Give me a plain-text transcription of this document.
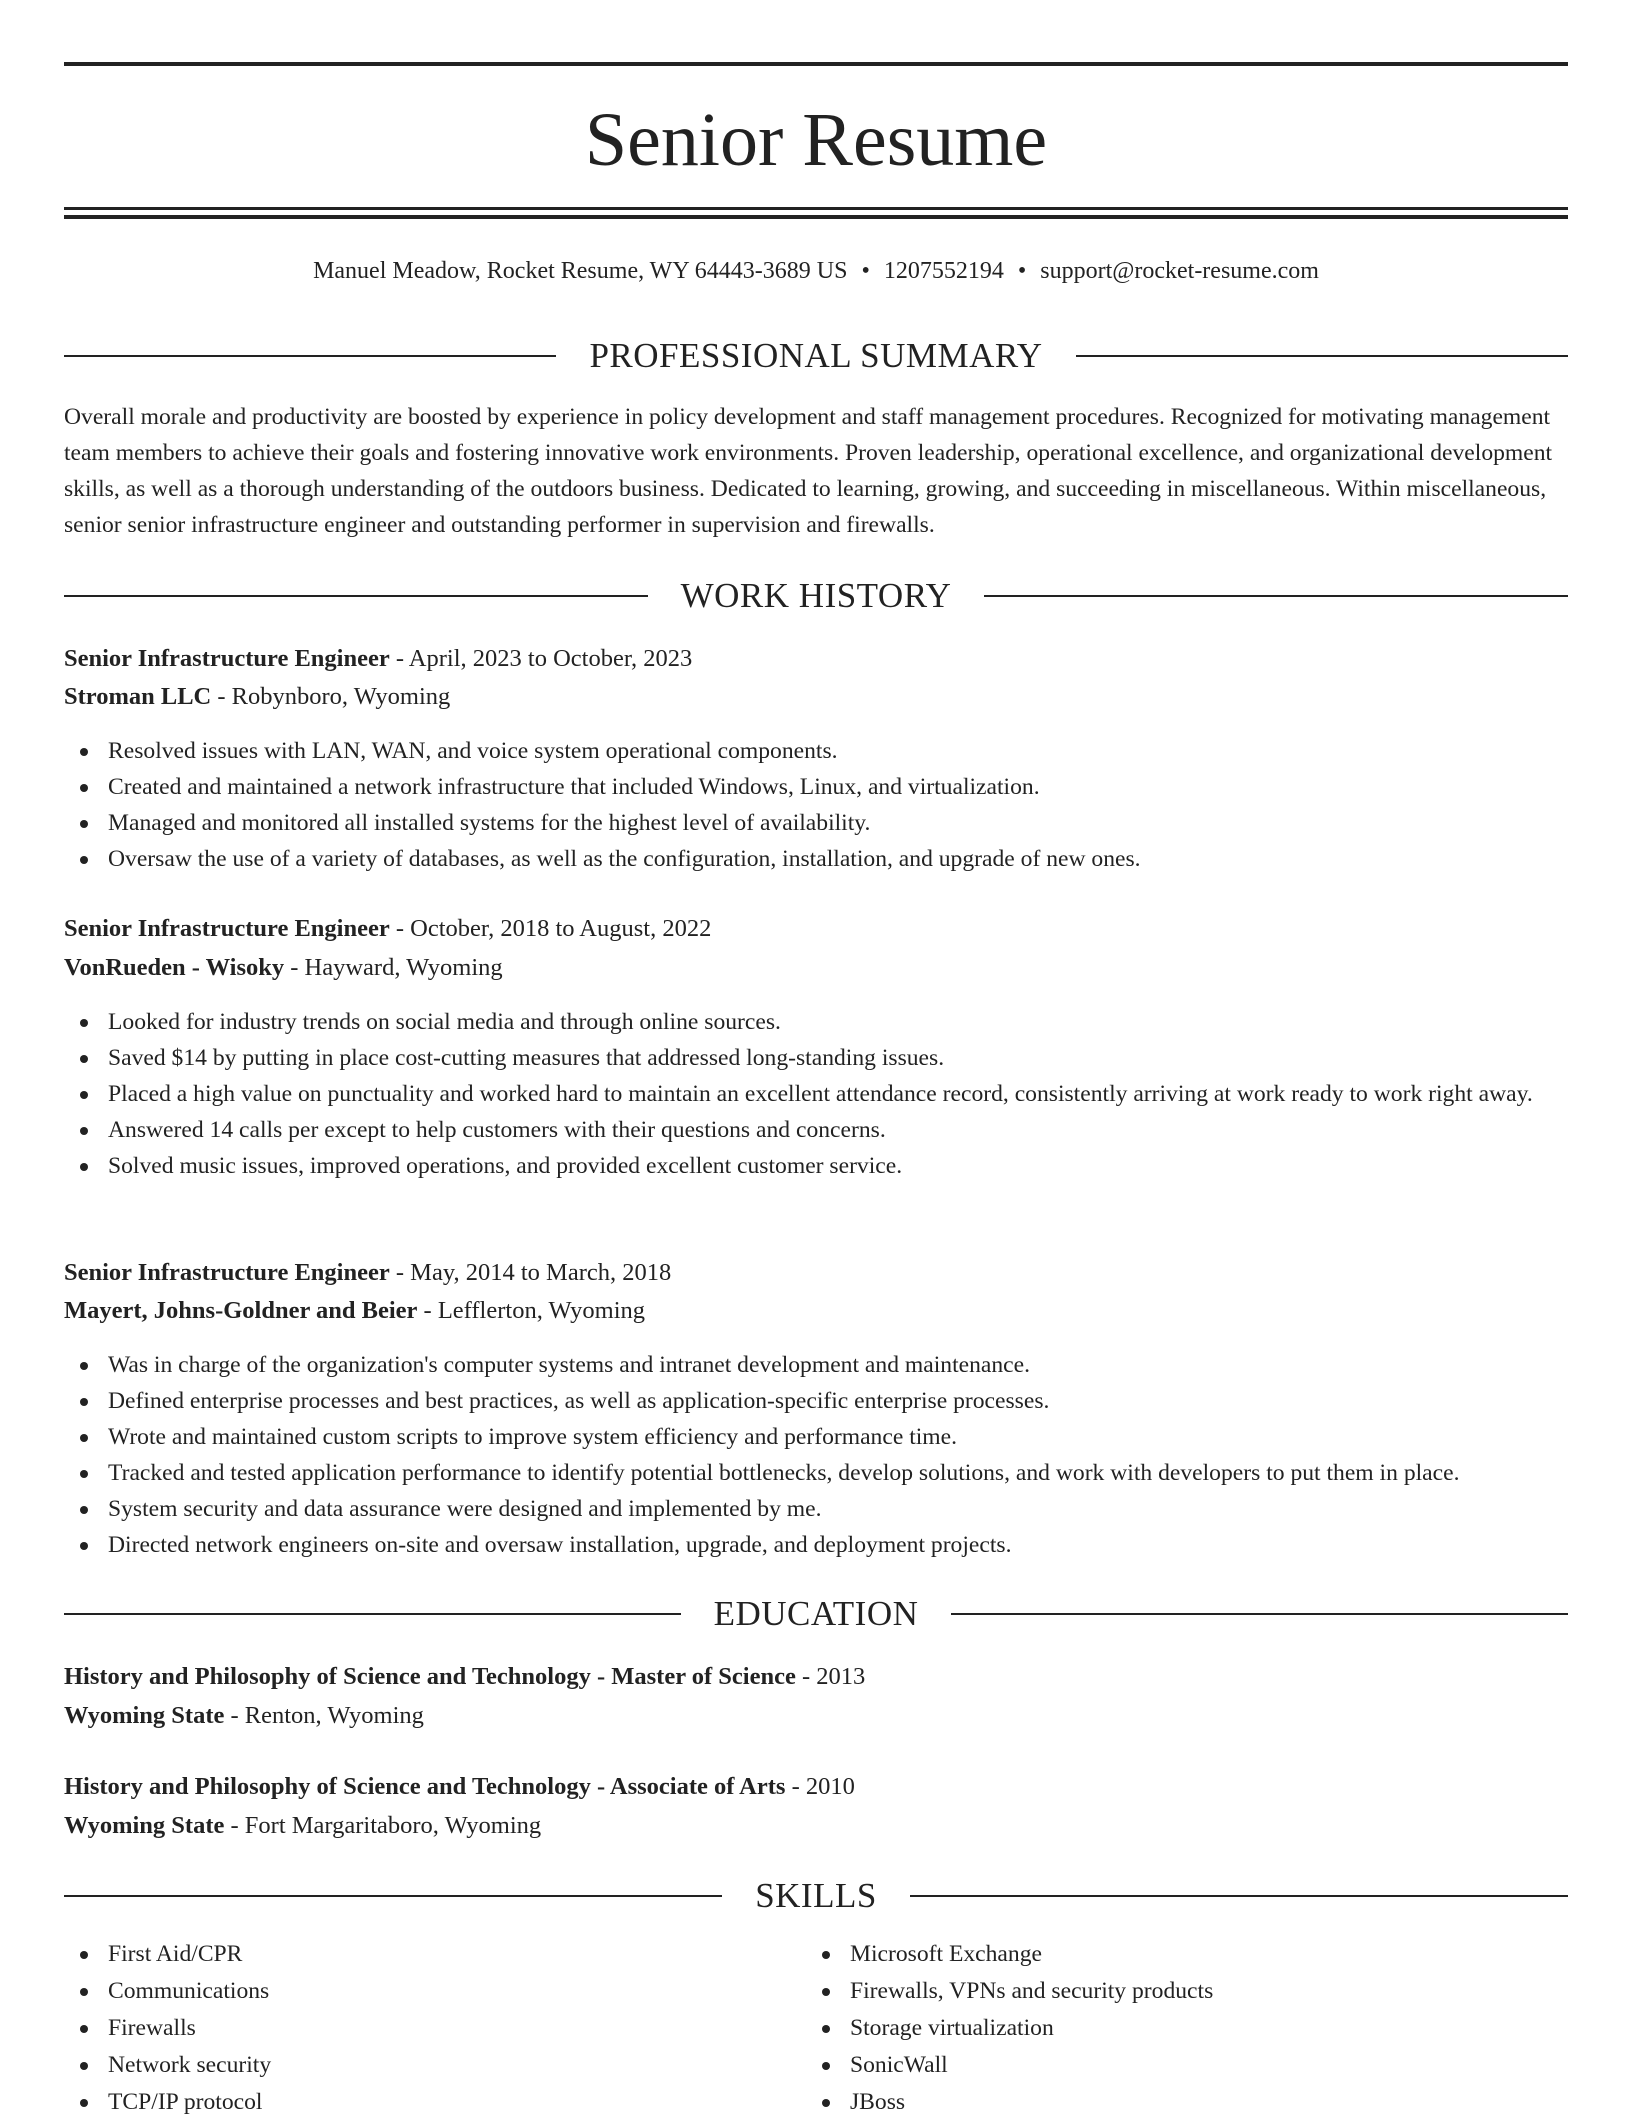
Senior Resume
Manuel Meadow, Rocket Resume, WY 64443-3689 US • 1207552194 • support@rocket-resume.com
PROFESSIONAL SUMMARY

Overall morale and productivity are boosted by experience in policy development and staff management procedures. Recognized for motivating management team members to achieve their goals and fostering innovative work environments. Proven leadership, operational excellence, and organizational development skills, as well as a thorough understanding of the outdoors business. Dedicated to learning, growing, and succeeding in miscellaneous. Within miscellaneous, senior senior infrastructure engineer and outstanding performer in supervision and firewalls.

WORK HISTORY
Senior Infrastructure Engineer - April, 2023 to October, 2023
Stroman LLC - Robynboro, Wyoming
Resolved issues with LAN, WAN, and voice system operational components.
Created and maintained a network infrastructure that included Windows, Linux, and virtualization.
Managed and monitored all installed systems for the highest level of availability.
Oversaw the use of a variety of databases, as well as the configuration, installation, and upgrade of new ones.
Senior Infrastructure Engineer - October, 2018 to August, 2022
VonRueden - Wisoky - Hayward, Wyoming
Looked for industry trends on social media and through online sources.
Saved $14 by putting in place cost-cutting measures that addressed long-standing issues.
Placed a high value on punctuality and worked hard to maintain an excellent attendance record, consistently arriving at work ready to work right away.
Answered 14 calls per except to help customers with their questions and concerns.
Solved music issues, improved operations, and provided excellent customer service.
Senior Infrastructure Engineer - May, 2014 to March, 2018
Mayert, Johns-Goldner and Beier - Lefflerton, Wyoming
Was in charge of the organization's computer systems and intranet development and maintenance.
Defined enterprise processes and best practices, as well as application-specific enterprise processes.
Wrote and maintained custom scripts to improve system efficiency and performance time.
Tracked and tested application performance to identify potential bottlenecks, develop solutions, and work with developers to put them in place.
System security and data assurance were designed and implemented by me.
Directed network engineers on-site and oversaw installation, upgrade, and deployment projects.
EDUCATION
History and Philosophy of Science and Technology - Master of Science - 2013
Wyoming State - Renton, Wyoming
History and Philosophy of Science and Technology - Associate of Arts - 2010
Wyoming State - Fort Margaritaboro, Wyoming
SKILLS
First Aid/CPR
Communications
Firewalls
Network security
TCP/IP protocol
Microsoft Exchange
Firewalls, VPNs and security products
Storage virtualization
SonicWall
JBoss
